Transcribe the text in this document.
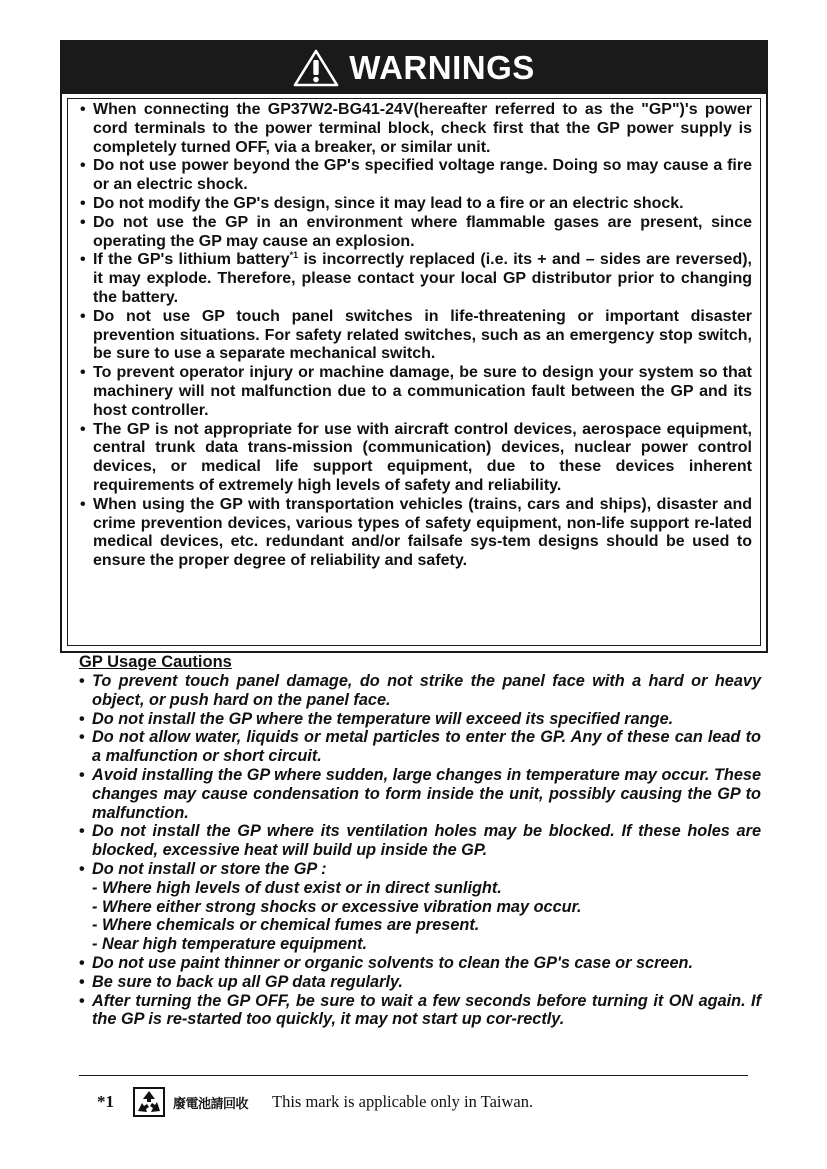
WARNINGS
• When connecting the GP37W2-BG41-24V(hereafter referred to as the "GP")'s power cord terminals to the power terminal block, check first that the GP power supply is completely turned OFF, via a breaker, or similar unit.
• Do not use power beyond the GP's specified voltage range. Doing so may cause a fire or an electric shock.
• Do not modify the GP's design, since it may lead to a fire or an electric shock.
• Do not use the GP in an environment where flammable gases are present, since operating the GP may cause an explosion.
• If the GP's lithium battery$^{*1}$ is incorrectly replaced (i.e. its + and – sides are reversed), it may explode. Therefore, please contact your local GP distributor prior to changing the battery.
• Do not use GP touch panel switches in life-threatening or important disaster prevention situations. For safety related switches, such as an emergency stop switch, be sure to use a separate mechanical switch.
• To prevent operator injury or machine damage, be sure to design your system so that machinery will not malfunction due to a communication fault between the GP and its host controller.
• The GP is not appropriate for use with aircraft control devices, aerospace equipment, central trunk data trans-mission (communication) devices, nuclear power control devices, or medical life support equipment, due to these devices inherent requirements of extremely high levels of safety and reliability.
• When using the GP with transportation vehicles (trains, cars and ships), disaster and crime prevention devices, various types of safety equipment, non-life support re-lated medical devices, etc. redundant and/or failsafe sys-tem designs should be used to ensure the proper degree of reliability and safety.
GP Usage Cautions
• To prevent touch panel damage, do not strike the panel face with a hard or heavy object, or push hard on the panel face.
• Do not install the GP where the temperature will exceed its specified range.
• Do not allow water, liquids or metal particles to enter the GP. Any of these can lead to a malfunction or short circuit.
• Avoid installing the GP where sudden, large changes in temperature may occur. These changes may cause condensation to form inside the unit, possibly causing the GP to malfunction.
• Do not install the GP where its ventilation holes may be blocked. If these holes are blocked, excessive heat will build up inside the GP.
• Do not install or store the GP :
- Where high levels of dust exist or in direct sunlight.
- Where either strong shocks or excessive vibration may occur.
- Where chemicals or chemical fumes are present.
- Near high temperature equipment.
• Do not use paint thinner or organic solvents to clean the GP's case or screen.
• Be sure to back up all GP data regularly.
• After turning the GP OFF, be sure to wait a few seconds before turning it ON again. If the GP is re-started too quickly, it may not start up cor-rectly.
*1	廢電池請回收 This mark is applicable only in Taiwan.
